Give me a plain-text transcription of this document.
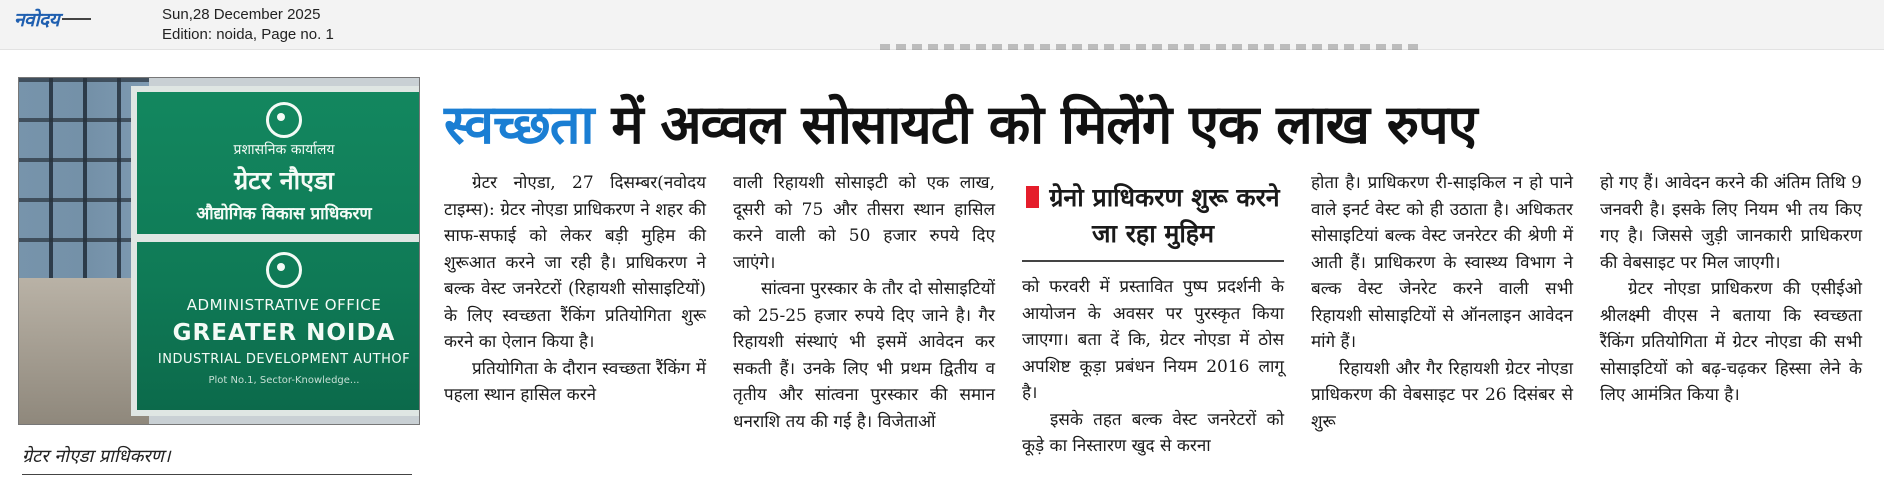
नवोदय	Sun,28 December 2025
Edition: noida, Page no. 1
प्रशासनिक कार्यालय
ग्रेटर नौएडा
औद्योगिक विकास प्राधिकरण
ADMINISTRATIVE OFFICE
GREATER NOIDA
INDUSTRIAL DEVELOPMENT AUTHOF
Plot No.1, Sector-Knowledge...
ग्रेटर नोएडा प्राधिकरण।
स्वच्छता में अव्वल सोसायटी को मिलेंगे एक लाख रुपए

ग्रेटर नोएडा, 27 दिसम्बर(नवोदय टाइम्स): ग्रेटर नोएडा प्राधिकरण ने शहर की साफ-सफाई को लेकर बड़ी मुहिम की शुरूआत करने जा रही है। प्राधिकरण ने बल्क वेस्ट जनरेटरों (रिहायशी सोसाइटियों) के लिए स्वच्छता रैंकिंग प्रतियोगिता शुरू करने का ऐलान किया है।

प्रतियोगिता के दौरान स्वच्छता रैंकिंग में पहला स्थान हासिल करने

वाली रिहायशी सोसाइटी को एक लाख, दूसरी को 75 और तीसरा स्थान हासिल करने वाली को 50 हजार रुपये दिए जाएंगे।

सांत्वना पुरस्कार के तौर दो सोसाइटियों को 25-25 हजार रुपये दिए जाने है। गैर रिहायशी संस्थाएं भी इसमें आवेदन कर सकती हैं। उनके लिए भी प्रथम द्वितीय व तृतीय और सांत्वना पुरस्कार की समान धनराशि तय की गई है। विजेताओं

ग्रेनो प्राधिकरण शुरू करने जा रहा मुहिम

को फरवरी में प्रस्तावित पुष्प प्रदर्शनी के आयोजन के अवसर पर पुरस्कृत किया जाएगा। बता दें कि, ग्रेटर नोएडा में ठोस अपशिष्ट कूड़ा प्रबंधन नियम 2016 लागू है।

इसके तहत बल्क वेस्ट जनरेटरों को कूड़े का निस्तारण खुद से करना

होता है। प्राधिकरण री-साइकिल न हो पाने वाले इनर्ट वेस्ट को ही उठाता है। अधिकतर सोसाइटियां बल्क वेस्ट जनरेटर की श्रेणी में आती हैं। प्राधिकरण के स्वास्थ्य विभाग ने बल्क वेस्ट जेनरेट करने वाली सभी रिहायशी सोसाइटियों से ऑनलाइन आवेदन मांगे हैं।

रिहायशी और गैर रिहायशी ग्रेटर नोएडा प्राधिकरण की वेबसाइट पर 26 दिसंबर से शुरू

हो गए हैं। आवेदन करने की अंतिम तिथि 9 जनवरी है। इसके लिए नियम भी तय किए गए है। जिससे जुड़ी जानकारी प्राधिकरण की वेबसाइट पर मिल जाएगी।

ग्रेटर नोएडा प्राधिकरण की एसीईओ श्रीलक्ष्मी वीएस ने बताया कि स्वच्छता रैंकिंग प्रतियोगिता में ग्रेटर नोएडा की सभी सोसाइटियों को बढ़-चढ़कर हिस्सा लेने के लिए आमंत्रित किया है।
